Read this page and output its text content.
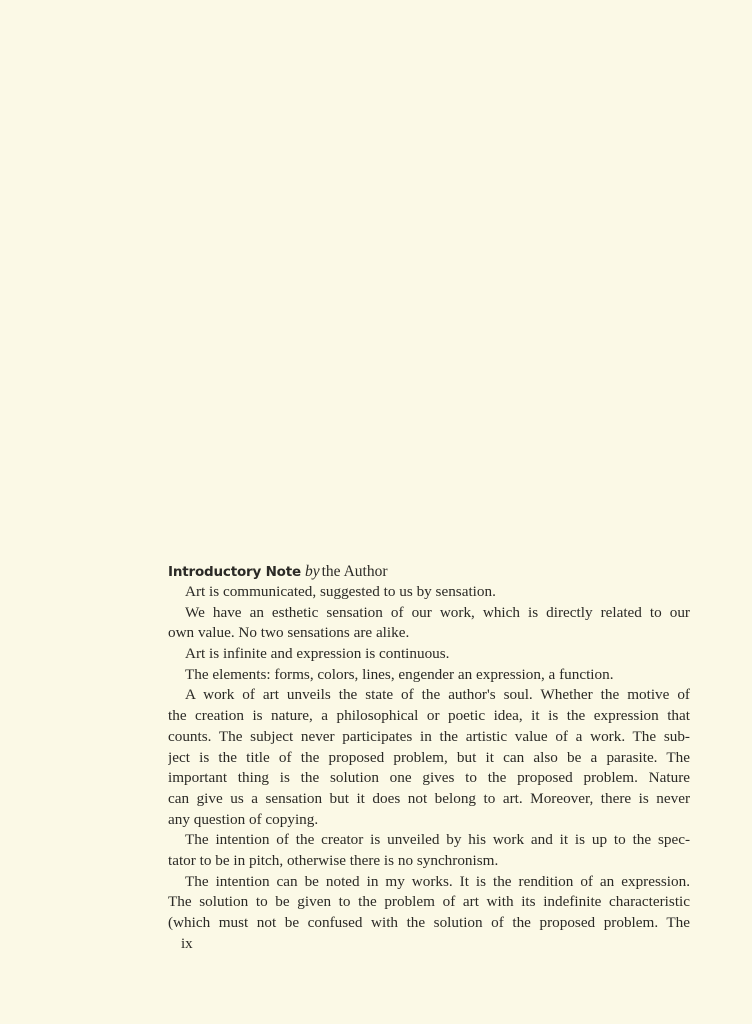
Introductory Note by the Author
Art is communicated, suggested to us by sensation.
We have an esthetic sensation of our work, which is directly related to our
own value. No two sensations are alike.
Art is infinite and expression is continuous.
The elements: forms, colors, lines, engender an expression, a function.
A work of art unveils the state of the author's soul. Whether the motive of
the creation is nature, a philosophical or poetic idea, it is the expression that
counts. The subject never participates in the artistic value of a work. The sub-
ject is the title of the proposed problem, but it can also be a parasite. The
important thing is the solution one gives to the proposed problem. Nature
can give us a sensation but it does not belong to art. Moreover, there is never
any question of copying.
The intention of the creator is unveiled by his work and it is up to the spec-
tator to be in pitch, otherwise there is no synchronism.
The intention can be noted in my works. It is the rendition of an expression.
The solution to be given to the problem of art with its indefinite characteristic
(which must not be confused with the solution of the proposed problem. The
ix
